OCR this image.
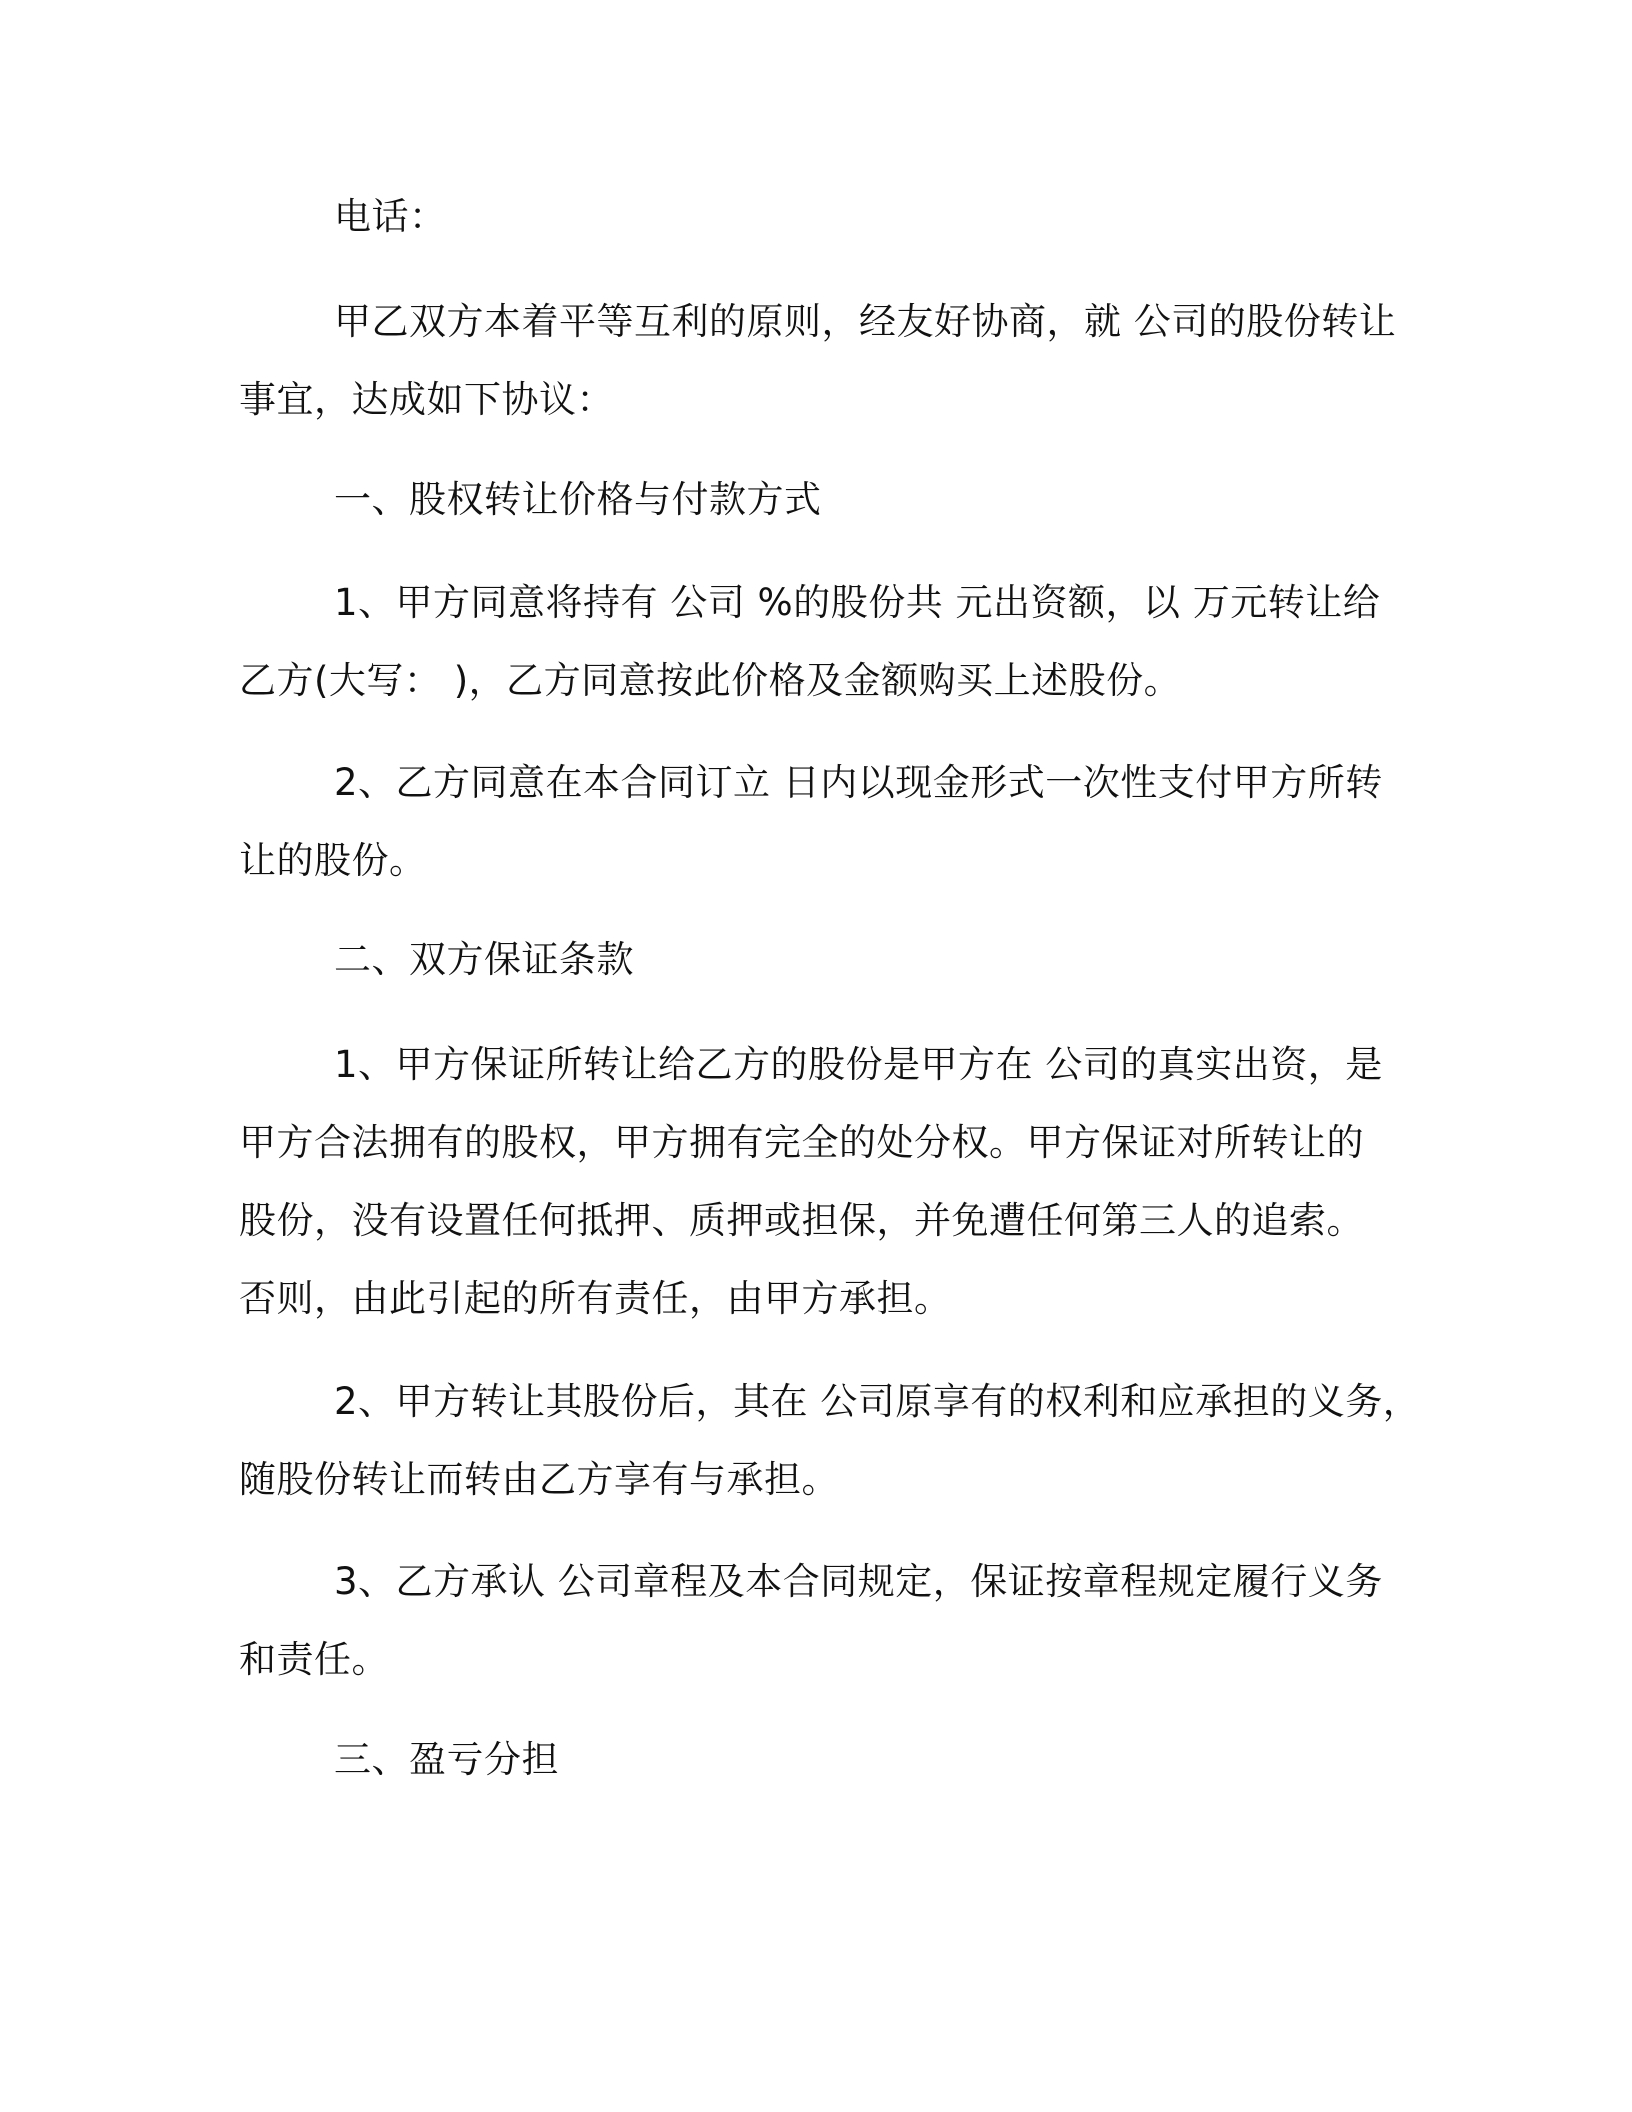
电话：

甲乙双方本着平等互利的原则，经友好协商，就 公司的股份转让
事宜，达成如下协议：

一、股权转让价格与付款方式

1、甲方同意将持有 公司 %的股份共 元出资额，以 万元转让给
乙方(大写： )，乙方同意按此价格及金额购买上述股份。

2、乙方同意在本合同订立 日内以现金形式一次性支付甲方所转
让的股份。

二、双方保证条款

1、甲方保证所转让给乙方的股份是甲方在 公司的真实出资，是
甲方合法拥有的股权，甲方拥有完全的处分权。甲方保证对所转让的
股份，没有设置任何抵押、质押或担保，并免遭任何第三人的追索。
否则，由此引起的所有责任，由甲方承担。

2、甲方转让其股份后，其在 公司原享有的权利和应承担的义务，
随股份转让而转由乙方享有与承担。

3、乙方承认 公司章程及本合同规定，保证按章程规定履行义务
和责任。

三、盈亏分担
